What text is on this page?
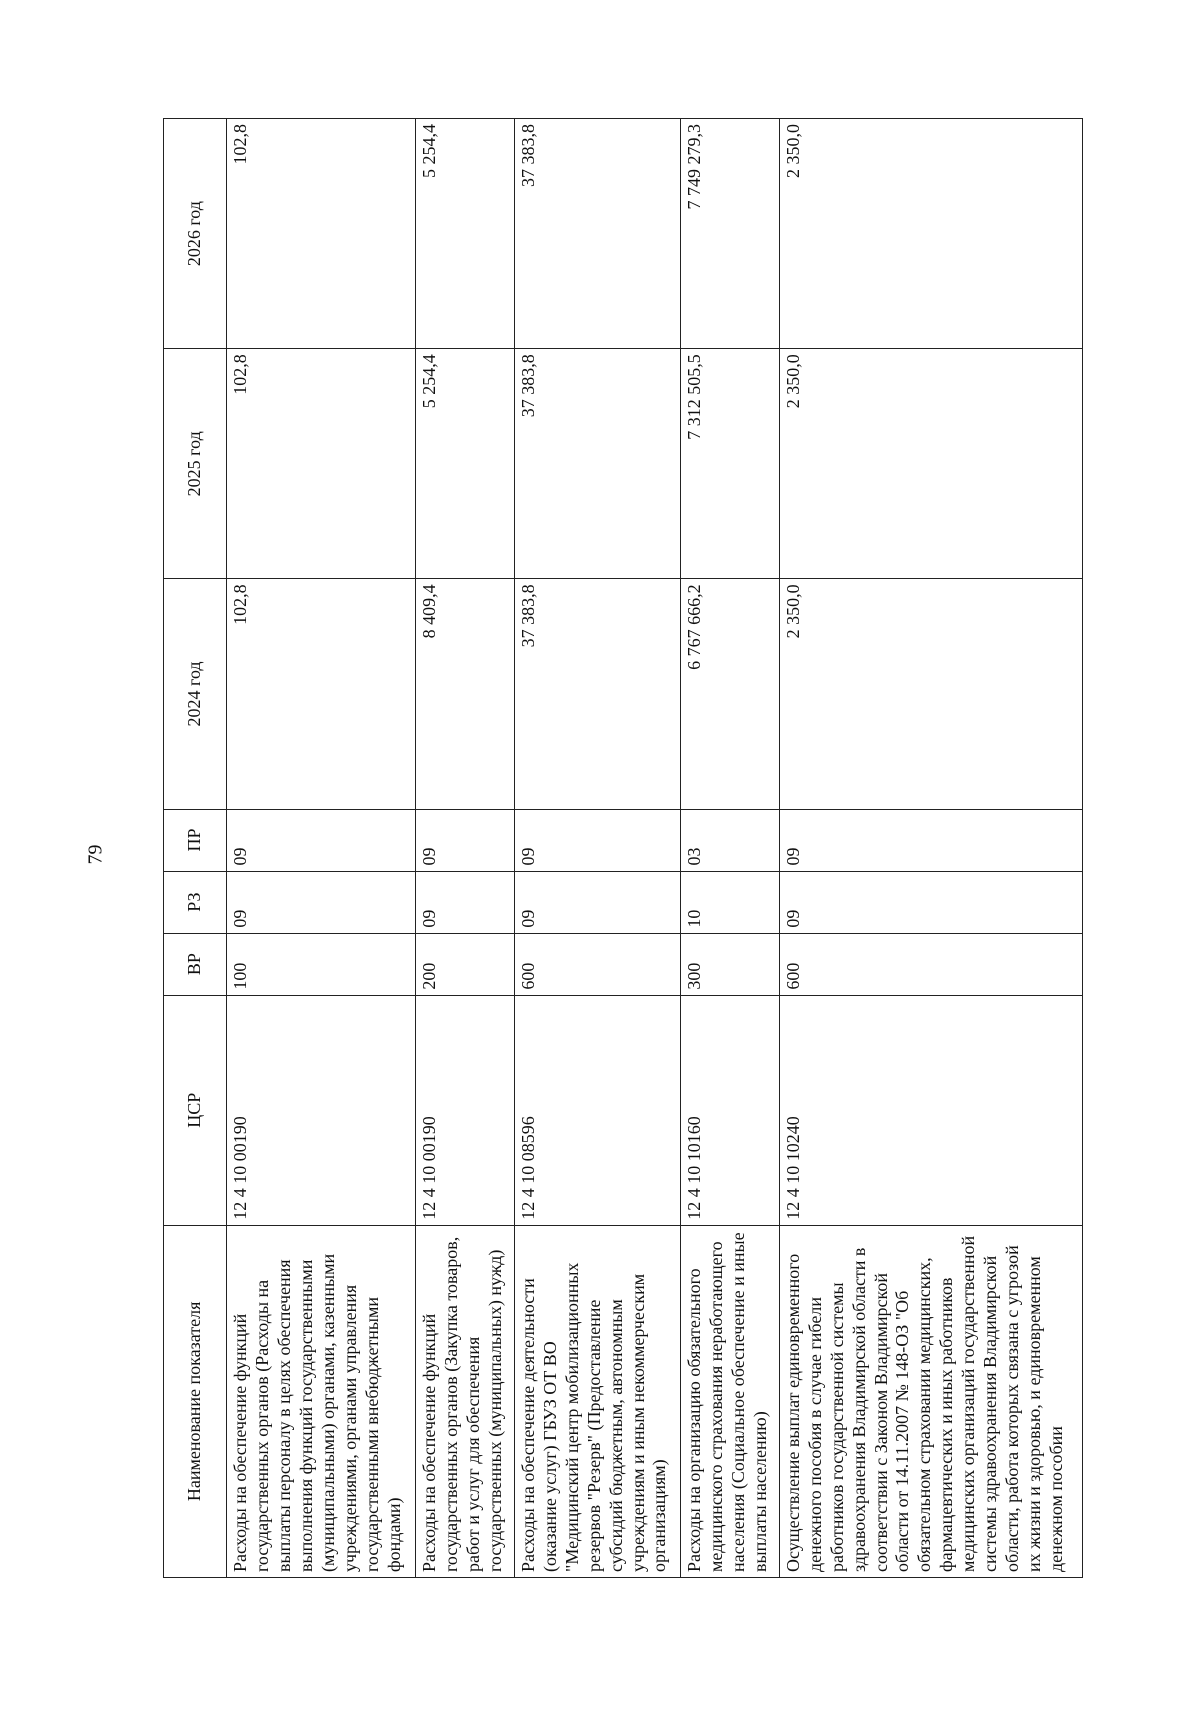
79
Наименование показателя	ЦСР	ВР	РЗ	ПР	2024 год	2025 год	2026 год
Расходы на обеспечение функций государственных органов (Расходы на выплаты персоналу в целях обеспечения выполнения функций государственными (муниципальными) органами, казенными учреждениями, органами управления государственными внебюджетными фондами)	12 4 10 00190	100	09	09	102,8	102,8	102,8
Расходы на обеспечение функций государственных органов (Закупка товаров, работ и услуг для обеспечения государственных (муниципальных) нужд)	12 4 10 00190	200	09	09	8 409,4	5 254,4	5 254,4
Расходы на обеспечение деятельности (оказание услуг) ГБУЗ ОТ ВО "Медицинский центр мобилизационных резервов "Резерв" (Предоставление субсидий бюджетным, автономным учреждениям и иным некоммерческим организациям)	12 4 10 08596	600	09	09	37 383,8	37 383,8	37 383,8
Расходы на организацию обязательного медицинского страхования неработающего населения (Социальное обеспечение и иные выплаты населению)	12 4 10 10160	300	10	03	6 767 666,2	7 312 505,5	7 749 279,3
Осуществление выплат единовременного денежного пособия в случае гибели работников государственной системы здравоохранения Владимирской области в соответствии с Законом Владимирской области от 14.11.2007 № 148-ОЗ "Об обязательном страховании медицинских, фармацевтических и иных работников медицинских организаций государственной системы здравоохранения Владимирской области, работа которых связана с угрозой их жизни и здоровью, и единовременном денежном пособии	12 4 10 10240	600	09	09	2 350,0	2 350,0	2 350,0
